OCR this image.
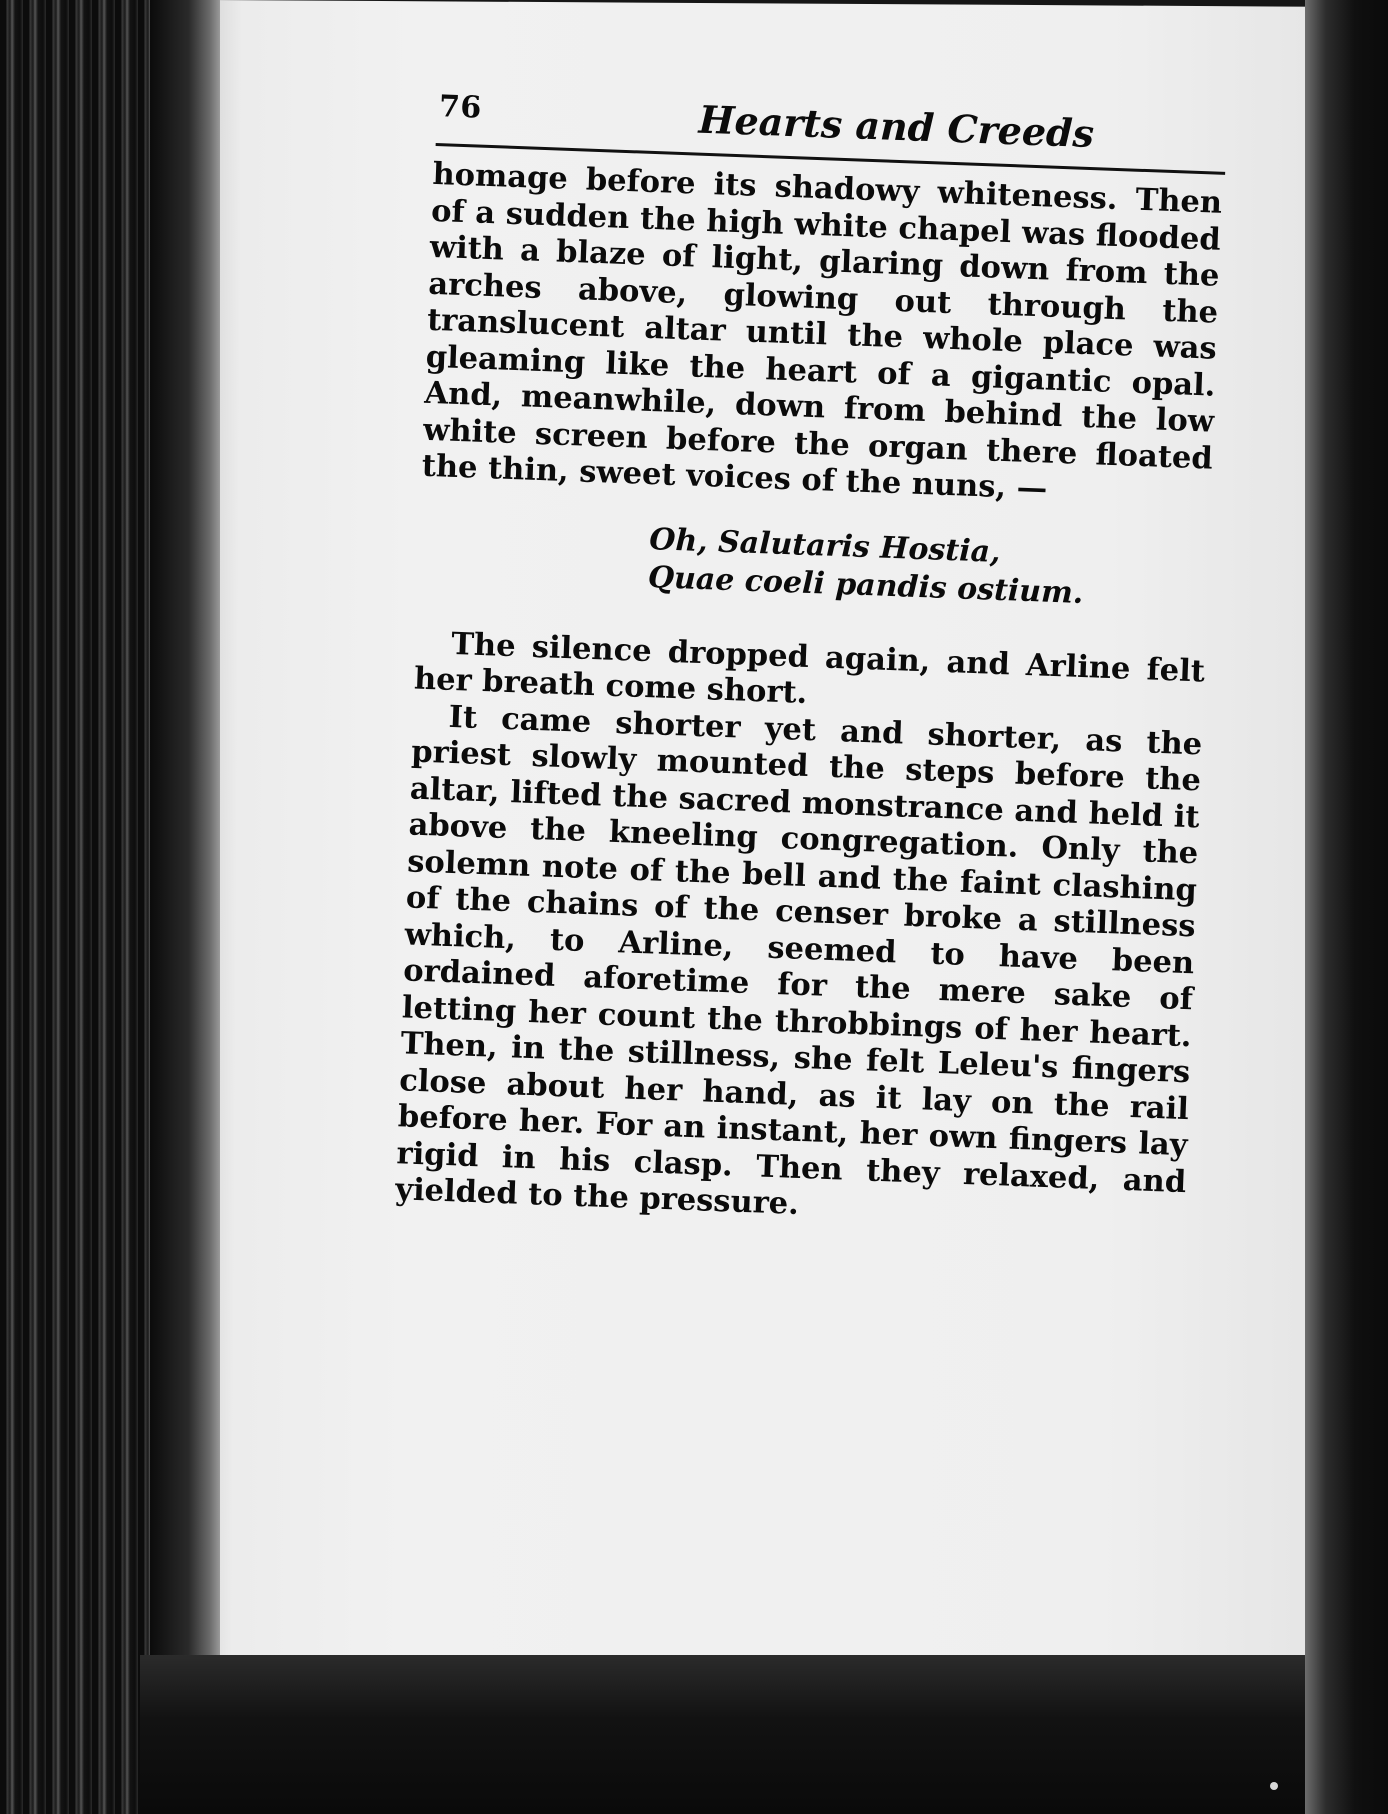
76	Hearts and Creeds

homage before its shadowy whiteness. Then of a sudden the high white chapel was flooded with a blaze of light, glaring down from the arches above, glowing out through the translucent altar until the whole place was gleaming like the heart of a gigantic opal. And, meanwhile, down from behind the low white screen before the organ there floated the thin, sweet voices of the nuns, —

Oh, Salutaris Hostia,
Quae coeli pandis ostium.

The silence dropped again, and Arline felt her breath come short.

It came shorter yet and shorter, as the priest slowly mounted the steps before the altar, lifted the sacred monstrance and held it above the kneeling congregation. Only the solemn note of the bell and the faint clashing of the chains of the censer broke a stillness which, to Arline, seemed to have been ordained aforetime for the mere sake of letting her count the throbbings of her heart. Then, in the stillness, she felt Leleu's fingers close about her hand, as it lay on the rail before her. For an instant, her own fingers lay rigid in his clasp. Then they relaxed, and yielded to the pressure.
